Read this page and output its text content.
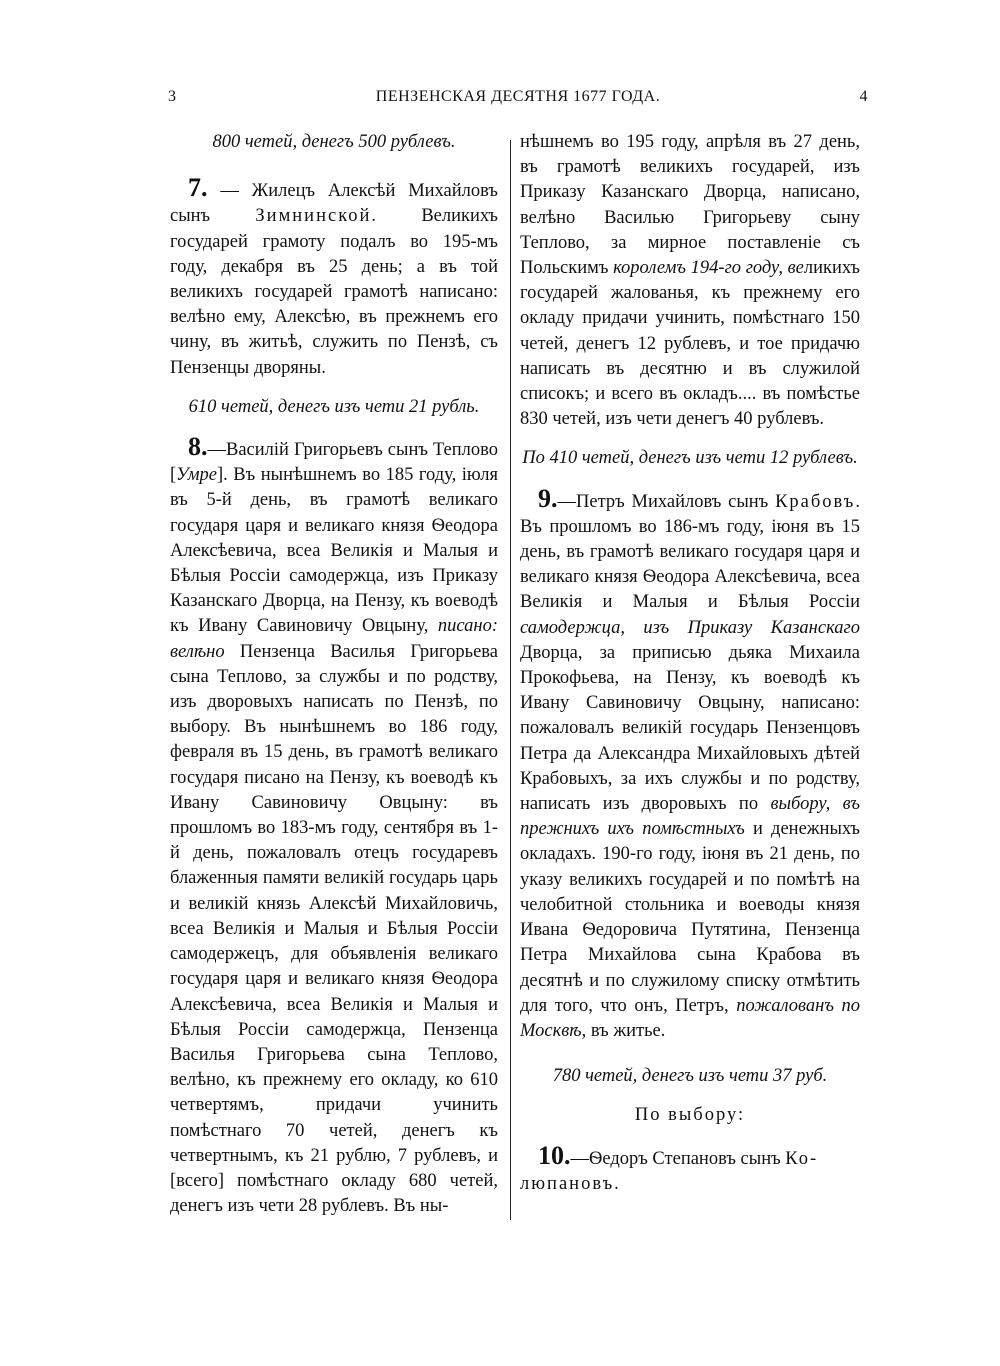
3	ПЕНЗЕНСКАЯ ДЕСЯТНЯ 1677 ГОДА.	4

800 четей, денегъ 500 рублевъ.

7. — Жилецъ Алексѣй Михайловъ сынъ Зимнинской. Великихъ государей грамоту подалъ во 195-мъ году, декабря въ 25 день; а въ той великихъ государей грамотѣ написано: велѣно ему, Алексѣю, въ прежнемъ его чину, въ житьѣ, служить по Пензѣ, съ Пензенцы дворяны.

610 четей, денегъ изъ чети 21 рубль.

8.—Василій Григорьевъ сынъ Теплово [Умре]. Въ нынѣшнемъ во 185 году, іюля въ 5-й день, въ грамотѣ великаго государя царя и великаго князя Ѳеодора Алексѣевича, всеа Великія и Малыя и Бѣлыя Россіи самодержца, изъ Приказу Казанскаго Дворца, на Пензу, къ воеводѣ къ Ивану Савиновичу Овцыну, писано: велѣно Пензенца Василья Григорьева сына Теплово, за службы и по родству, изъ дворовыхъ написать по Пензѣ, по выбору. Въ нынѣшнемъ во 186 году, февраля въ 15 день, въ грамотѣ великаго государя писано на Пензу, къ воеводѣ къ Ивану Савиновичу Овцыну: въ прошломъ во 183-мъ году, сентября въ 1-й день, пожаловалъ отецъ государевъ блаженныя памяти великій государь царь и великій князь Алексѣй Михайловичь, всеа Великія и Малыя и Бѣлыя Россіи самодержецъ, для объявленія великаго государя царя и великаго князя Ѳеодора Алексѣевича, всеа Великія и Малыя и Бѣлыя Россіи самодержца, Пензенца Василья Григорьева сына Теплово, велѣно, къ прежнему его окладу, ко 610 четвертямъ, придачи учинить помѣстнаго 70 четей, денегъ къ четвертнымъ, къ 21 рублю, 7 рублевъ, и [всего] помѣстнаго окладу 680 четей, денегъ изъ чети 28 рублевъ. Въ ны-

нѣшнемъ во 195 году, апрѣля въ 27 день, въ грамотѣ великихъ государей, изъ Приказу Казанскаго Дворца, написано, велѣно Василью Григорьеву сыну Теплово, за мирное поставленіе съ Польскимъ королемъ 194-го году, великихъ государей жалованья, къ прежнему его окладу придачи учинить, помѣстнаго 150 четей, денегъ 12 рублевъ, и тое придачю написать въ десятню и въ служилой списокъ; и всего въ окладъ.... въ помѣстье 830 четей, изъ чети денегъ 40 рублевъ.

По 410 четей, денегъ изъ чети 12 рублевъ.

9.—Петръ Михайловъ сынъ Крабовъ. Въ прошломъ во 186-мъ году, іюня въ 15 день, въ грамотѣ великаго государя царя и великаго князя Ѳеодора Алексѣевича, всеа Великія и Малыя и Бѣлыя Россіи самодержца, изъ Приказу Казанскаго Дворца, за приписью дьяка Михаила Прокофьева, на Пензу, къ воеводѣ къ Ивану Савиновичу Овцыну, написано: пожаловалъ великій государь Пензенцовъ Петра да Александра Михайловыхъ дѣтей Крабовыхъ, за ихъ службы и по родству, написать изъ дворовыхъ по выбору, въ прежнихъ ихъ помѣстныхъ и денежныхъ окладахъ. 190-го году, іюня въ 21 день, по указу великихъ государей и по помѣтѣ на челобитной стольника и воеводы князя Ивана Ѳедоровича Путятина, Пензенца Петра Михайлова сына Крабова въ десятнѣ и по служилому списку отмѣтить для того, что онъ, Петръ, пожалованъ по Москвѣ, въ житье.

780 четей, денегъ изъ чети 37 руб.

По выбору:

10.—Ѳедоръ Степановъ сынъ Ко-
люпановъ.
